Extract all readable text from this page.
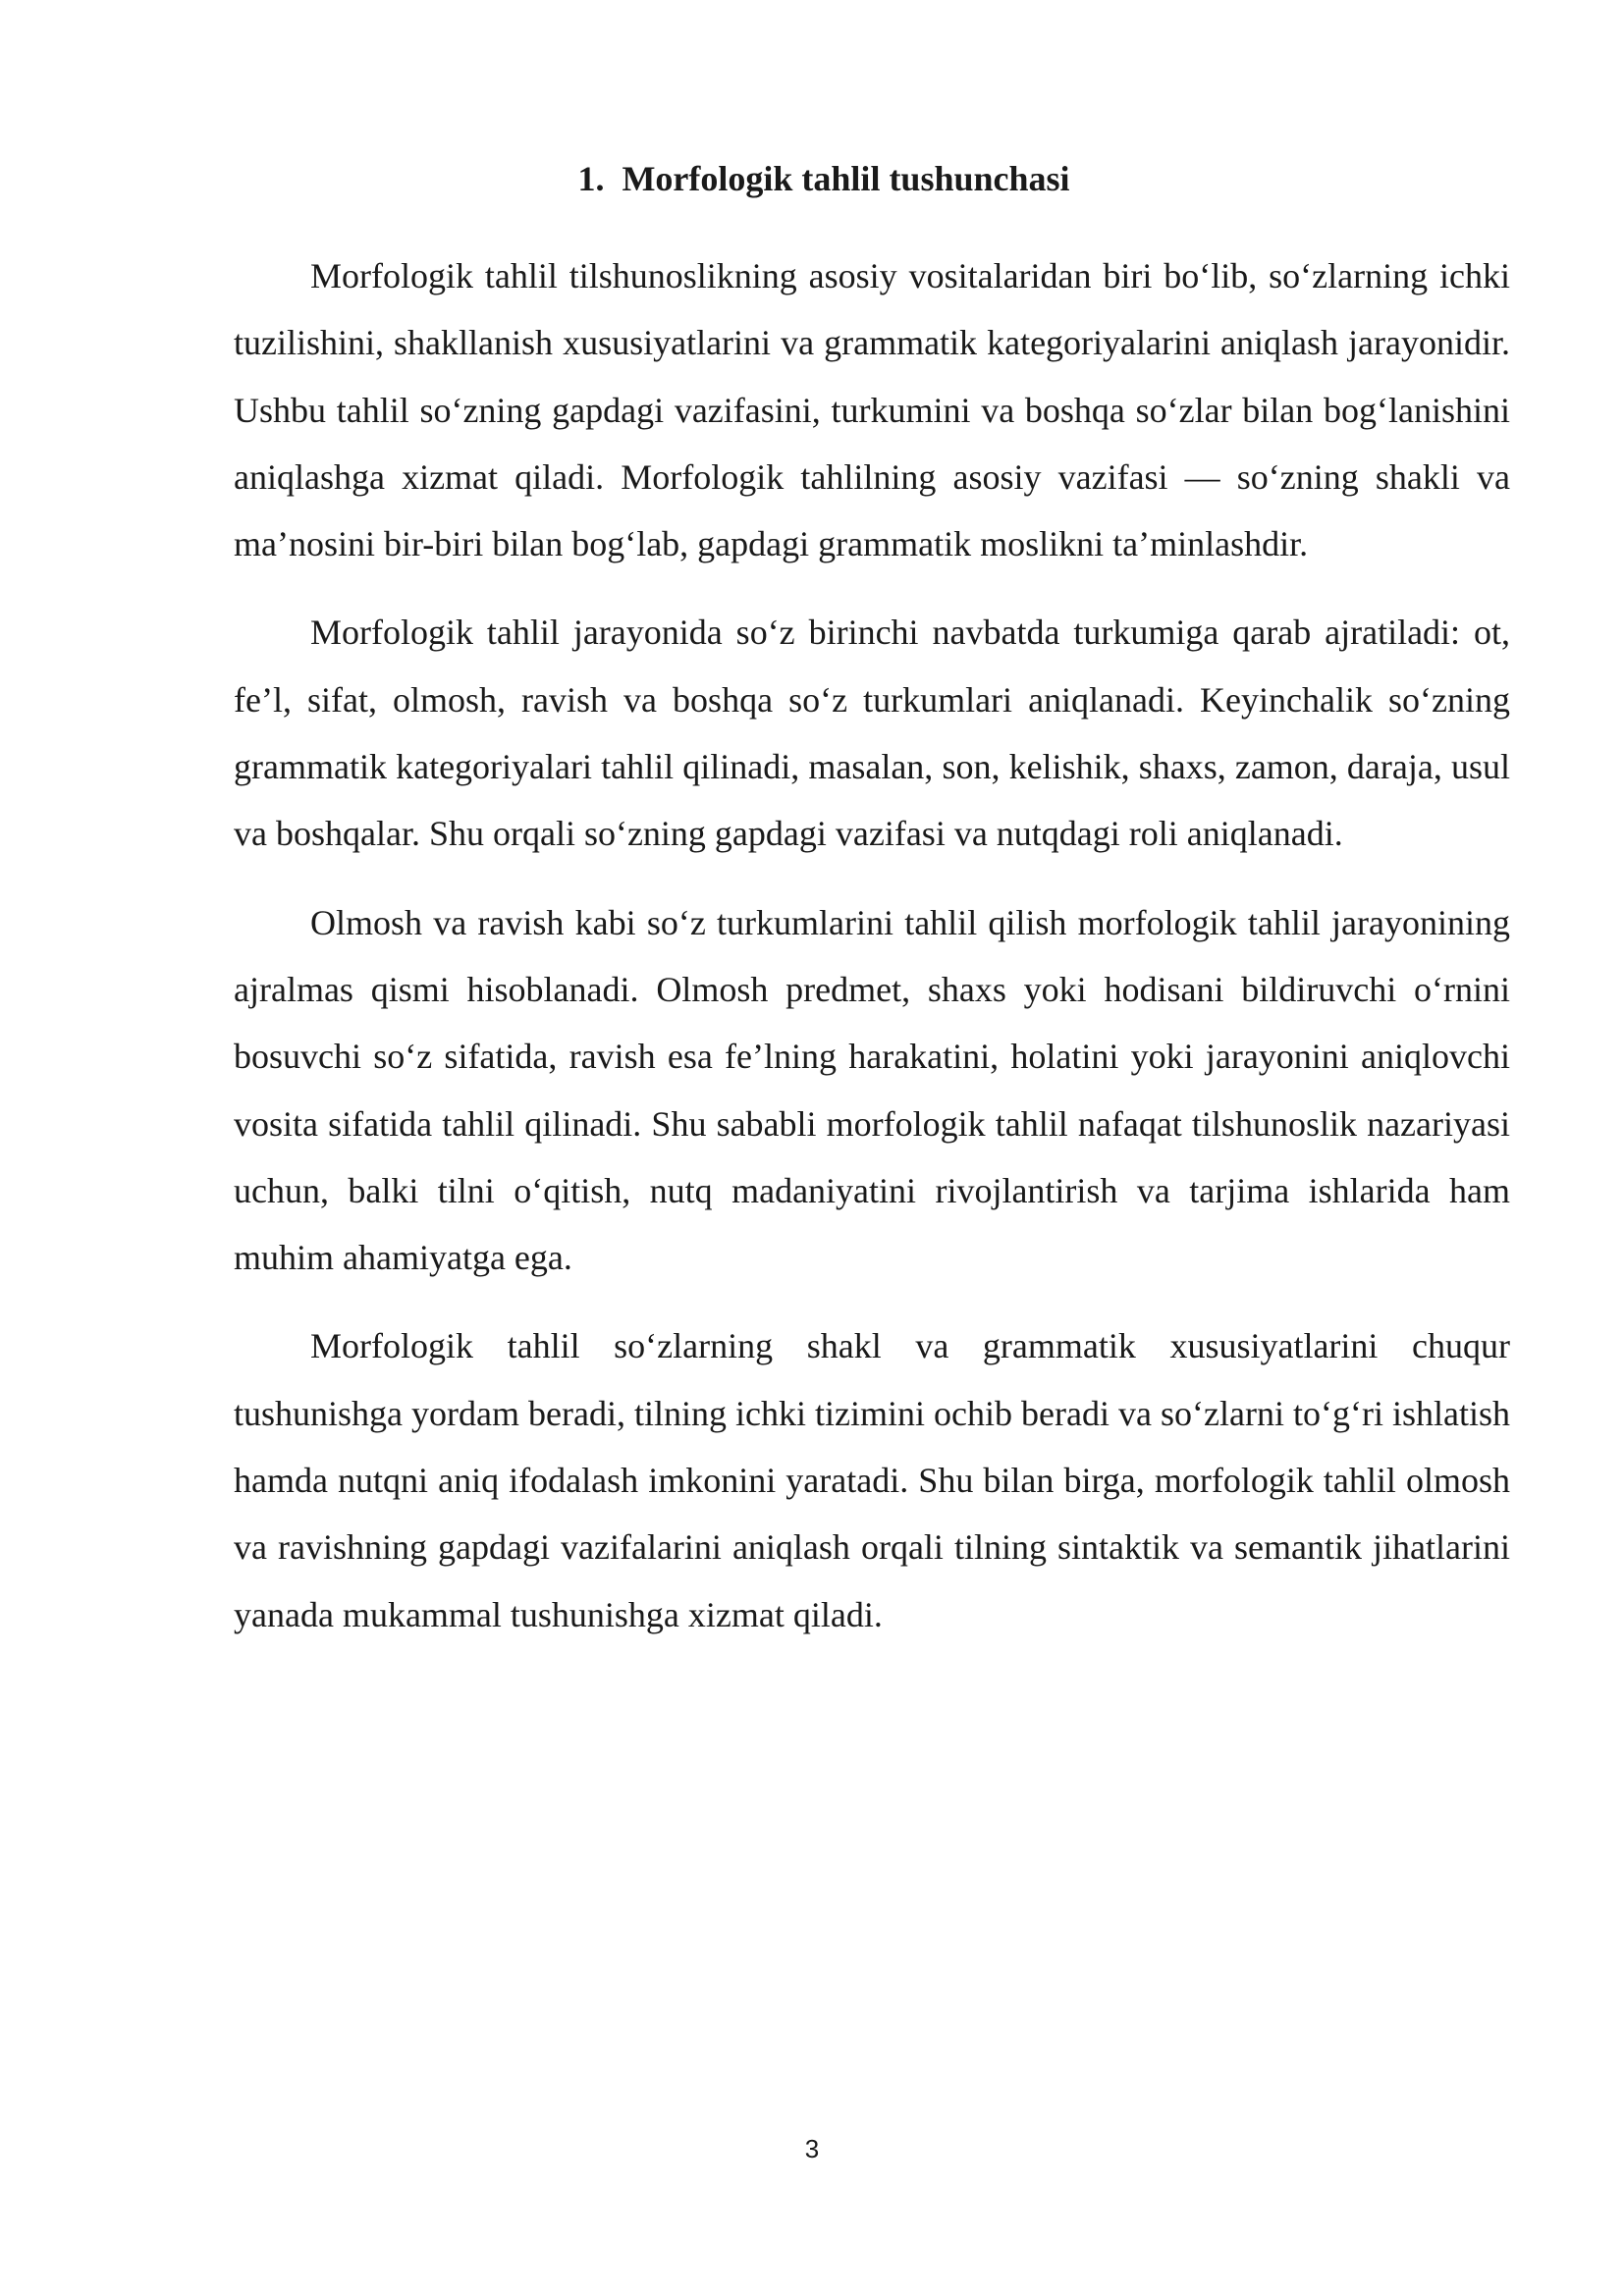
1. Morfologik tahlil tushunchasi

Morfologik tahlil tilshunoslikning asosiy vositalaridan biri bo‘lib, so‘zlarning ichki tuzilishini, shakllanish xususiyatlarini va grammatik kategoriyalarini aniqlash jarayonidir. Ushbu tahlil so‘zning gapdagi vazifasini, turkumini va boshqa so‘zlar bilan bog‘lanishini aniqlashga xizmat qiladi. Morfologik tahlilning asosiy vazifasi — so‘zning shakli va ma’nosini bir-biri bilan bog‘lab, gapdagi grammatik moslikni ta’minlashdir.

Morfologik tahlil jarayonida so‘z birinchi navbatda turkumiga qarab ajratiladi: ot, fe’l, sifat, olmosh, ravish va boshqa so‘z turkumlari aniqlanadi. Keyinchalik so‘zning grammatik kategoriyalari tahlil qilinadi, masalan, son, kelishik, shaxs, zamon, daraja, usul va boshqalar. Shu orqali so‘zning gapdagi vazifasi va nutqdagi roli aniqlanadi.

Olmosh va ravish kabi so‘z turkumlarini tahlil qilish morfologik tahlil jarayonining ajralmas qismi hisoblanadi. Olmosh predmet, shaxs yoki hodisani bildiruvchi o‘rnini bosuvchi so‘z sifatida, ravish esa fe’lning harakatini, holatini yoki jarayonini aniqlovchi vosita sifatida tahlil qilinadi. Shu sababli morfologik tahlil nafaqat tilshunoslik nazariyasi uchun, balki tilni o‘qitish, nutq madaniyatini rivojlantirish va tarjima ishlarida ham muhim ahamiyatga ega.

Morfologik tahlil so‘zlarning shakl va grammatik xususiyatlarini chuqur tushunishga yordam beradi, tilning ichki tizimini ochib beradi va so‘zlarni to‘g‘ri ishlatish hamda nutqni aniq ifodalash imkonini yaratadi. Shu bilan birga, morfologik tahlil olmosh va ravishning gapdagi vazifalarini aniqlash orqali tilning sintaktik va semantik jihatlarini yanada mukammal tushunishga xizmat qiladi.

3
